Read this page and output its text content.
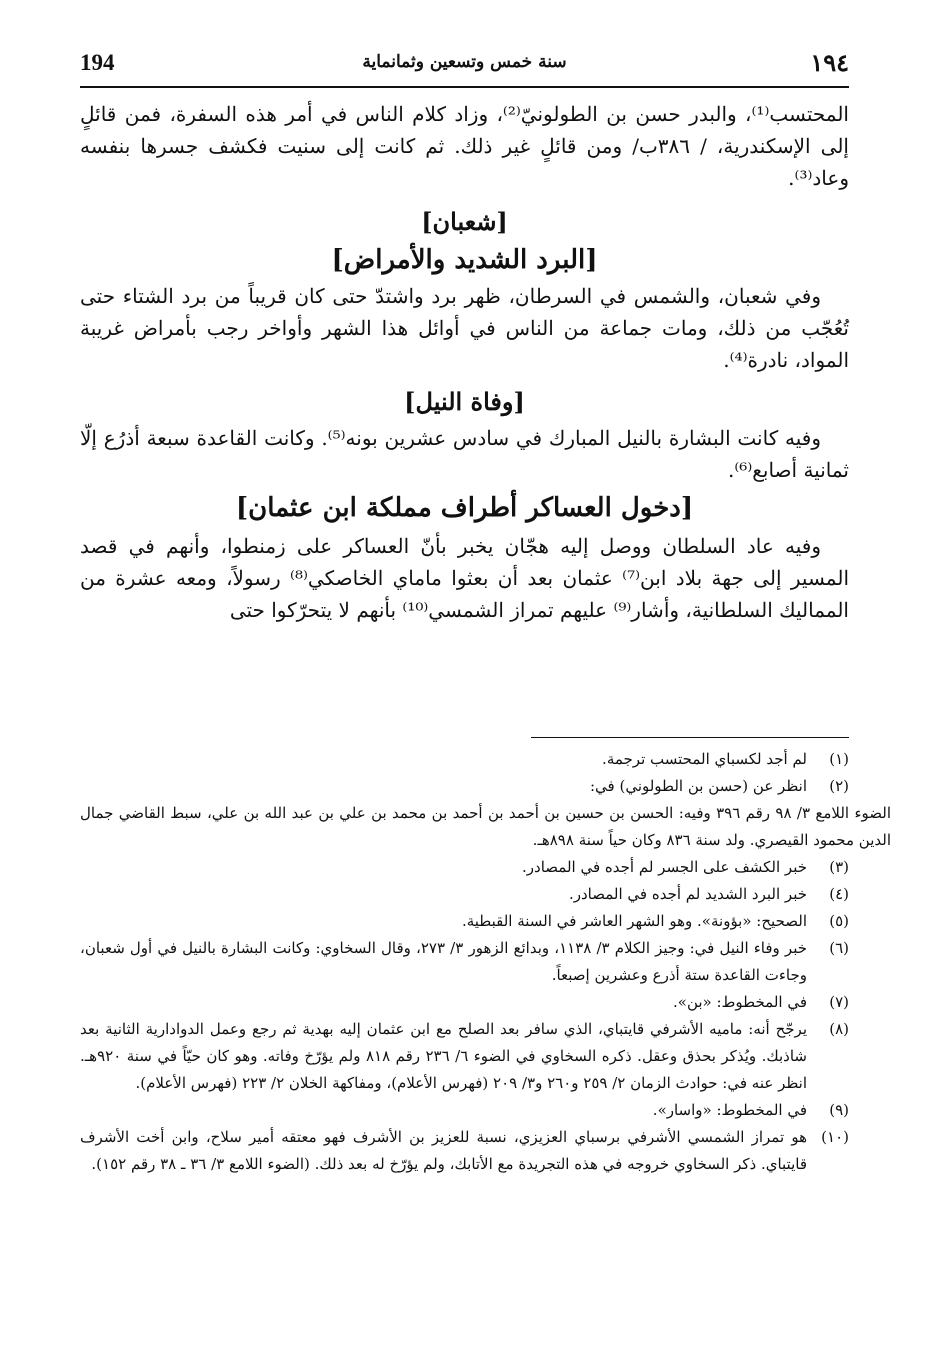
194	سنة خمس وتسعين وثمانماية	١٩٤

المحتسب⁽¹⁾، والبدر حسن بن الطولونيّ⁽²⁾، وزاد كلام الناس في أمر هذه السفرة، فمن قائلٍ إلى الإسكندرية، / ٣٨٦ب/ ومن قائلٍ غير ذلك. ثم كانت إلى سنيت فكشف جسرها بنفسه وعاد⁽³⁾.

[شعبان]
[البرد الشديد والأمراض]

وفي شعبان، والشمس في السرطان، ظهر برد واشتدّ حتى كان قريباً من برد الشتاء حتى تُعُجّب من ذلك، ومات جماعة من الناس في أوائل هذا الشهر وأواخر رجب بأمراض غريبة المواد، نادرة⁽⁴⁾.

[وفاة النيل]

وفيه كانت البشارة بالنيل المبارك في سادس عشرين بونه⁽⁵⁾. وكانت القاعدة سبعة أذرُع إلّا ثمانية أصابع⁽⁶⁾.

[دخول العساكر أطراف مملكة ابن عثمان]

وفيه عاد السلطان ووصل إليه هجّان يخبر بأنّ العساكر على زمنطوا، وأنهم في قصد المسير إلى جهة بلاد ابن⁽⁷⁾ عثمان بعد أن بعثوا ماماي الخاصكي⁽⁸⁾ رسولاً، ومعه عشرة من المماليك السلطانية، وأشار⁽⁹⁾ عليهم تمراز الشمسي⁽¹⁰⁾ بأنهم لا يتحرّكوا حتى

(١)
لم أجد لكسباي المحتسب ترجمة.
(٢)
انظر عن (حسن بن الطولوني) في:
الضوء اللامع ٣/ ٩٨ رقم ٣٩٦ وفيه: الحسن بن حسين بن أحمد بن أحمد بن محمد بن علي بن عبد الله بن علي، سبط القاضي جمال الدين محمود القيصري. ولد سنة ٨٣٦ وكان حياً سنة ٨٩٨هـ.
(٣)
خبر الكشف على الجسر لم أجده في المصادر.
(٤)
خبر البرد الشديد لم أجده في المصادر.
(٥)
الصحيح: «بؤونة». وهو الشهر العاشر في السنة القبطية.
(٦)
خبر وفاء النيل في: وجيز الكلام ٣/ ١١٣٨، وبدائع الزهور ٣/ ٢٧٣، وقال السخاوي: وكانت البشارة بالنيل في أول شعبان، وجاءت القاعدة ستة أذرع وعشرين إصبعاً.
(٧)
في المخطوط: «بن».
(٨)
يرجّح أنه: ماميه الأشرفي قايتباي، الذي سافر بعد الصلح مع ابن عثمان إليه بهدية ثم رجع وعمل الدوادارية الثانية بعد شاذبك. ويُذكر بحذق وعقل. ذكره السخاوي في الضوء ٦/ ٢٣٦ رقم ٨١٨ ولم يؤرّخ وفاته. وهو كان حيّاً في سنة ٩٢٠هـ. انظر عنه في: حوادث الزمان ٢/ ٢٥٩ و٢٦٠ و٣/ ٢٠٩ (فهرس الأعلام)، ومفاكهة الخلان ٢/ ٢٢٣ (فهرس الأعلام).
(٩)
في المخطوط: «واسار».
(١٠)
هو تمراز الشمسي الأشرفي برسباي العزيزي، نسبة للعزيز بن الأشرف فهو معتقه أمير سلاح، وابن أخت الأشرف قايتباي. ذكر السخاوي خروجه في هذه التجريدة مع الأتابك، ولم يؤرّخ له بعد ذلك. (الضوء اللامع ٣/ ٣٦ ـ ٣٨ رقم ١٥٢).
